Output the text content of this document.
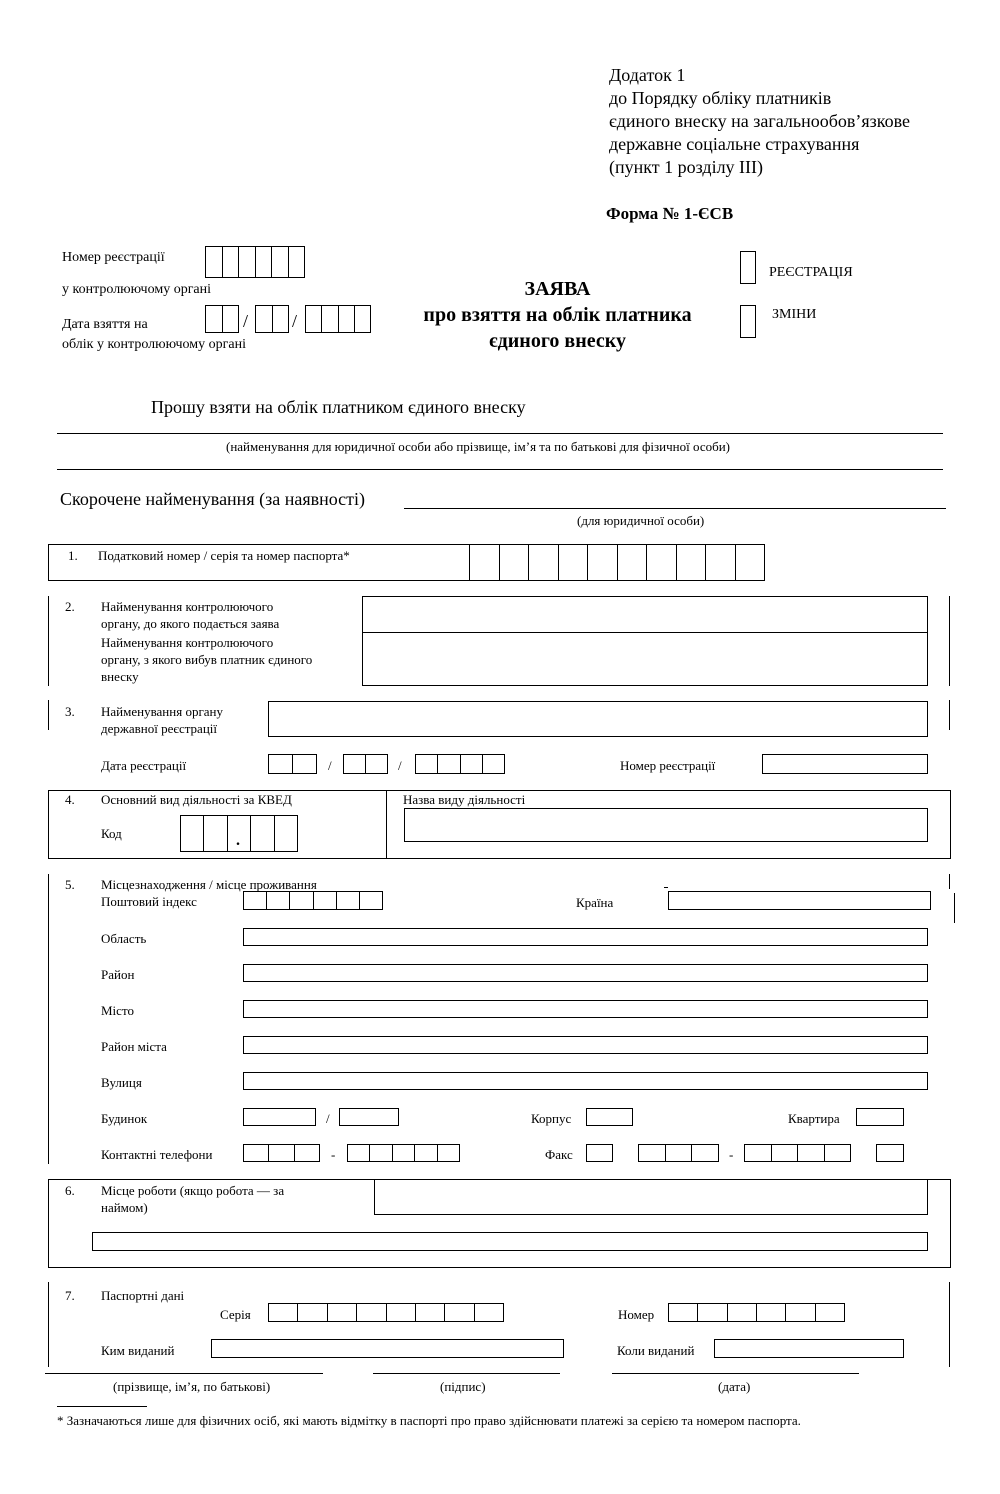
Додаток 1
до Порядку обліку платників
єдиного внеску на загальнообов’язкове
державне соціальне страхування
(пункт 1 розділу ІІІ)
Форма № 1-ЄСВ
Номер реєстрації
у контролюючому органі
Дата взяття на
облік у контролюючому органі
/ /
ЗАЯВА
про взяття на облік платника
єдиного внеску
РЕЄСТРАЦІЯ
ЗМІНИ
Прошу взяти на облік платником єдиного внеску
(найменування для юридичної особи або прізвище, ім’я та по батькові для фізичної особи)
Скорочене найменування (за наявності)
(для юридичної особи)
1. Податковий номер / серія та номер паспорта*
2. Найменування контролюючого
органу, до якого подається заява
Найменування контролюючого
органу, з якого вибув платник єдиного
внеску
3. Найменування органу
державної реєстрації
Дата реєстрації	/	/	Номер реєстрації
4. Основний вид діяльності за КВЕД
Код	.
Назва виду діяльності
5. Місцезнаходження / місце проживання
Поштовий індекс	Країна
Область
Район
Місто
Район міста
Вулиця
Будинок	/	Корпус	Квартира
Контактні телефони	-	Факс	-
6. Місце роботи (якщо робота — за
наймом)
7. Паспортні дані
Серія	Номер
Ким виданий	Коли виданий
(прізвище, ім’я, по батькові)	(підпис)	(дата)
* Зазначаються лише для фізичних осіб, які мають відмітку в паспорті про право здійснювати платежі за серією та номером паспорта.
